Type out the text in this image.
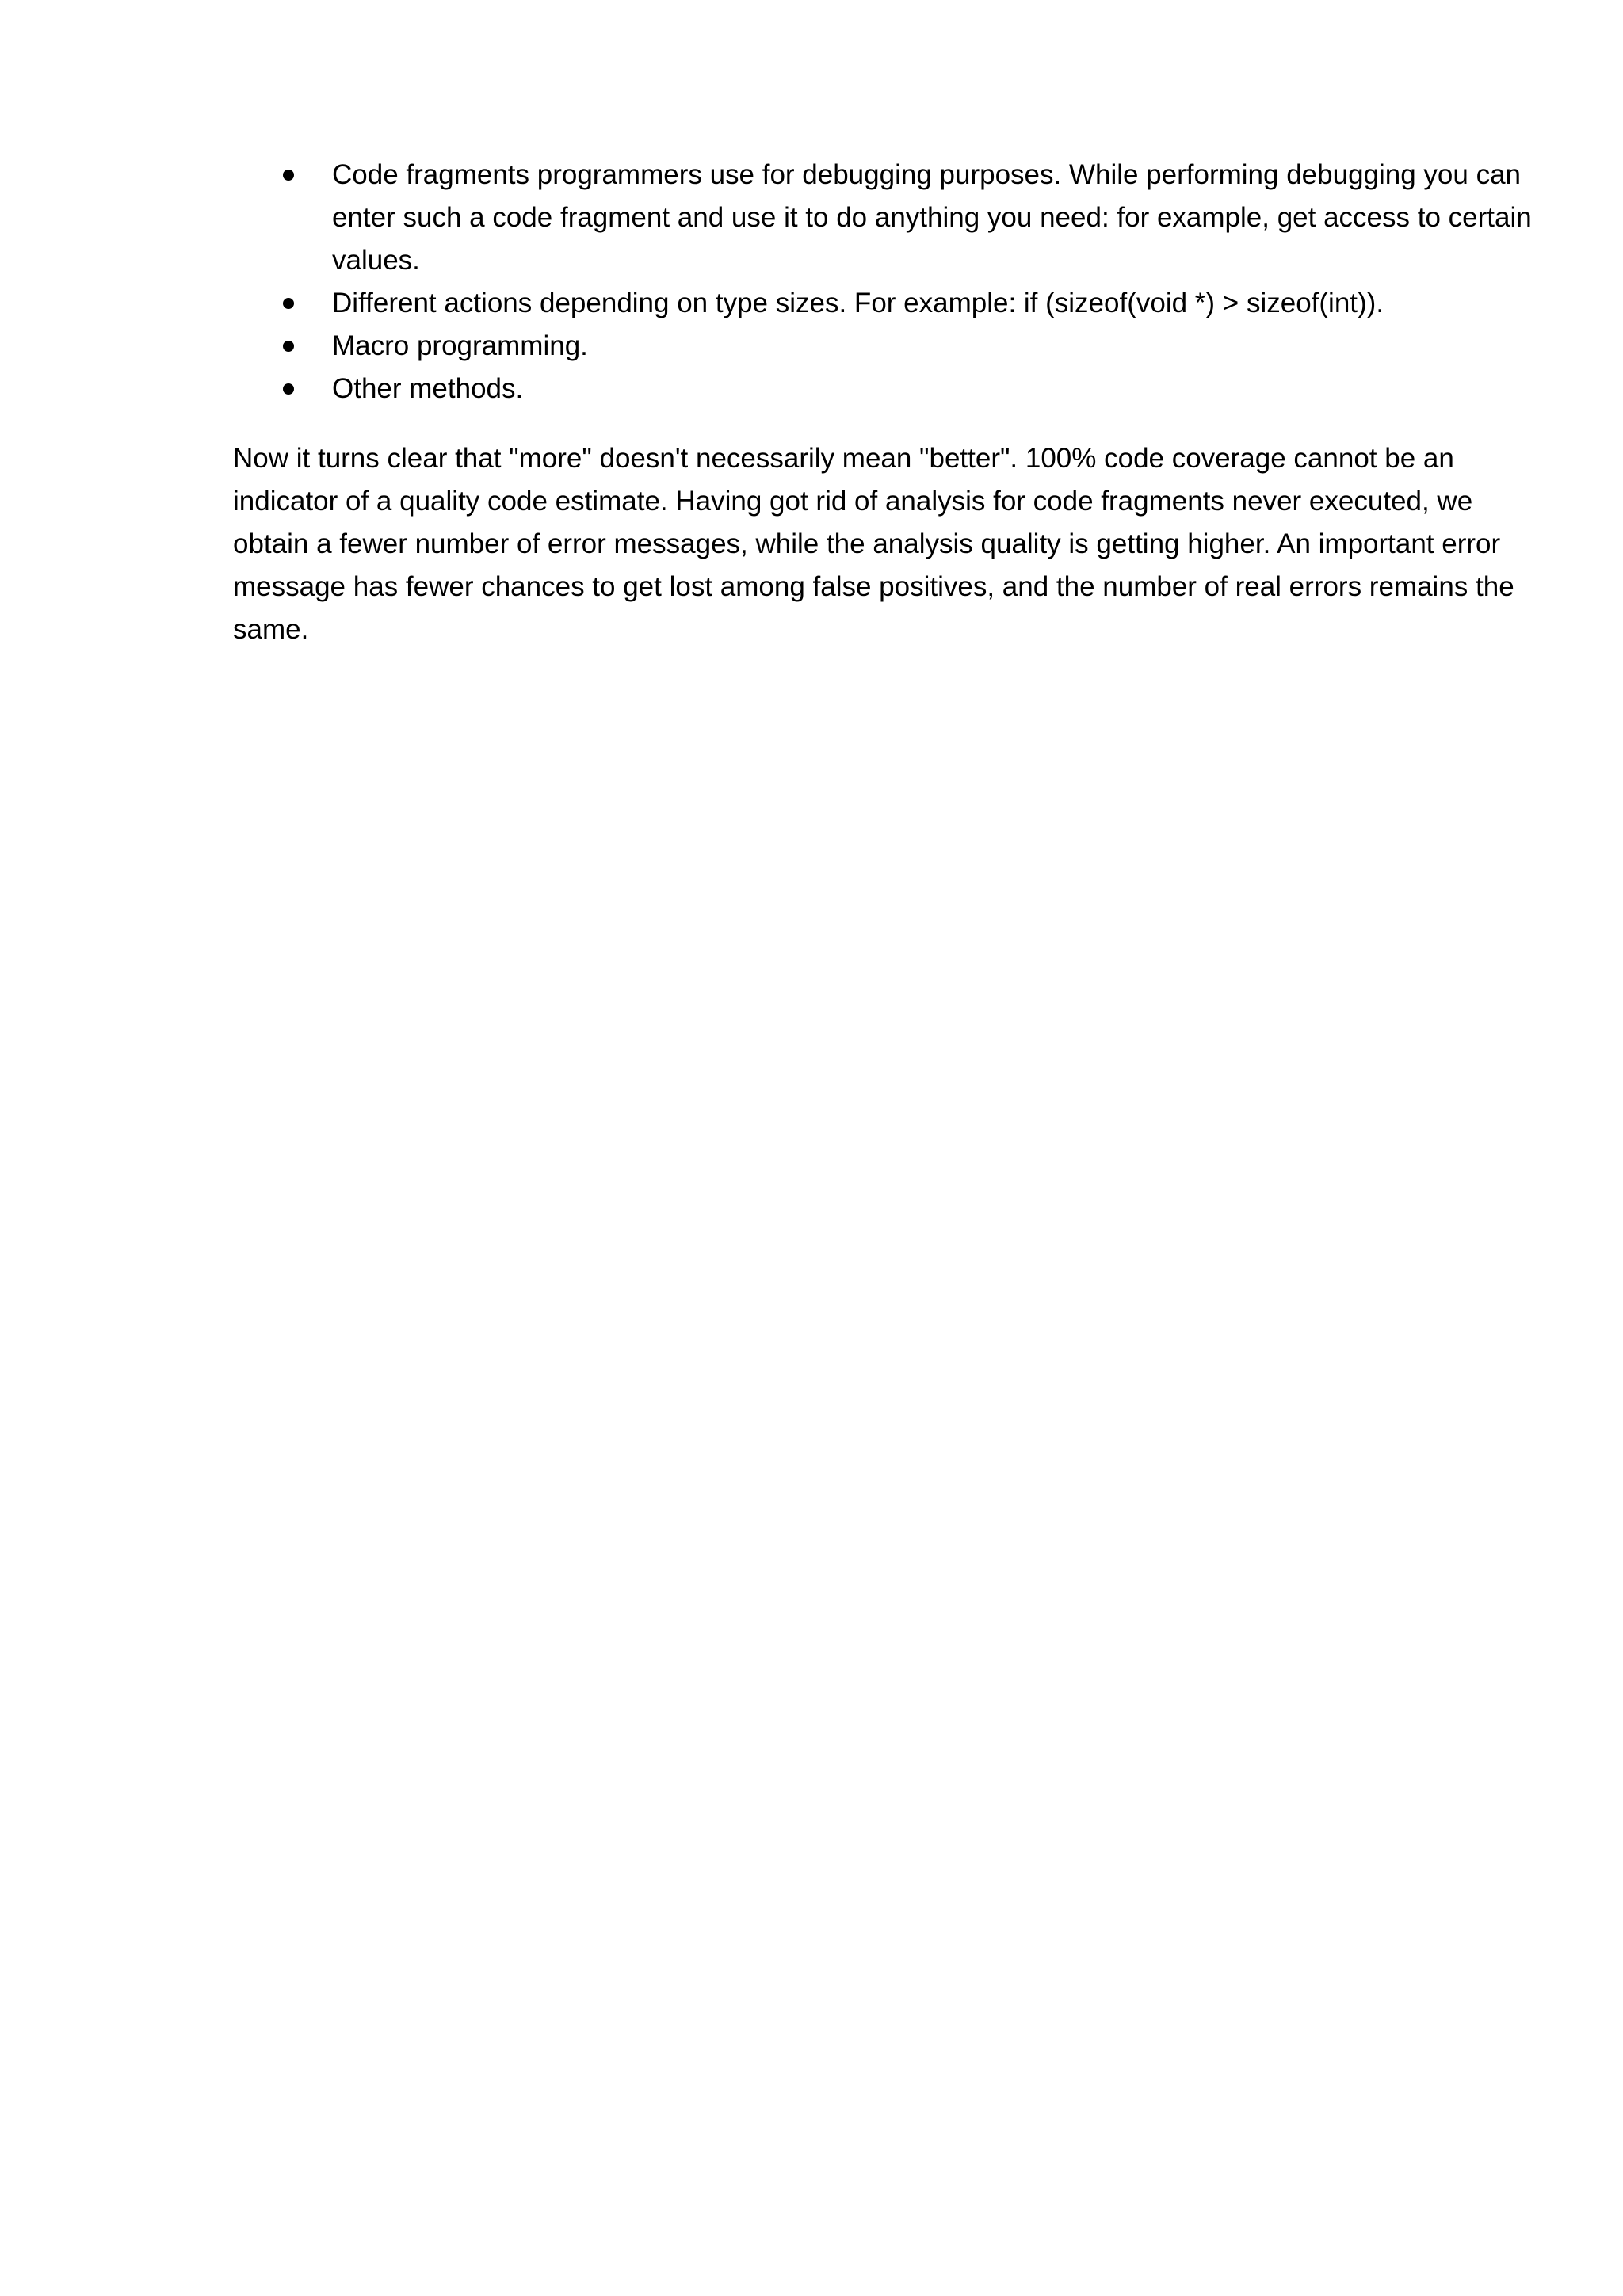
Code fragments programmers use for debugging purposes. While performing debugging you can enter such a code fragment and use it to do anything you need: for example, get access to certain values.
Different actions depending on type sizes. For example: if (sizeof(void *) > sizeof(int)).
Macro programming.
Other methods.

Now it turns clear that "more" doesn't necessarily mean "better". 100% code coverage cannot be an indicator of a quality code estimate. Having got rid of analysis for code fragments never executed, we obtain a fewer number of error messages, while the analysis quality is getting higher. An important error message has fewer chances to get lost among false positives, and the number of real errors remains the same.
